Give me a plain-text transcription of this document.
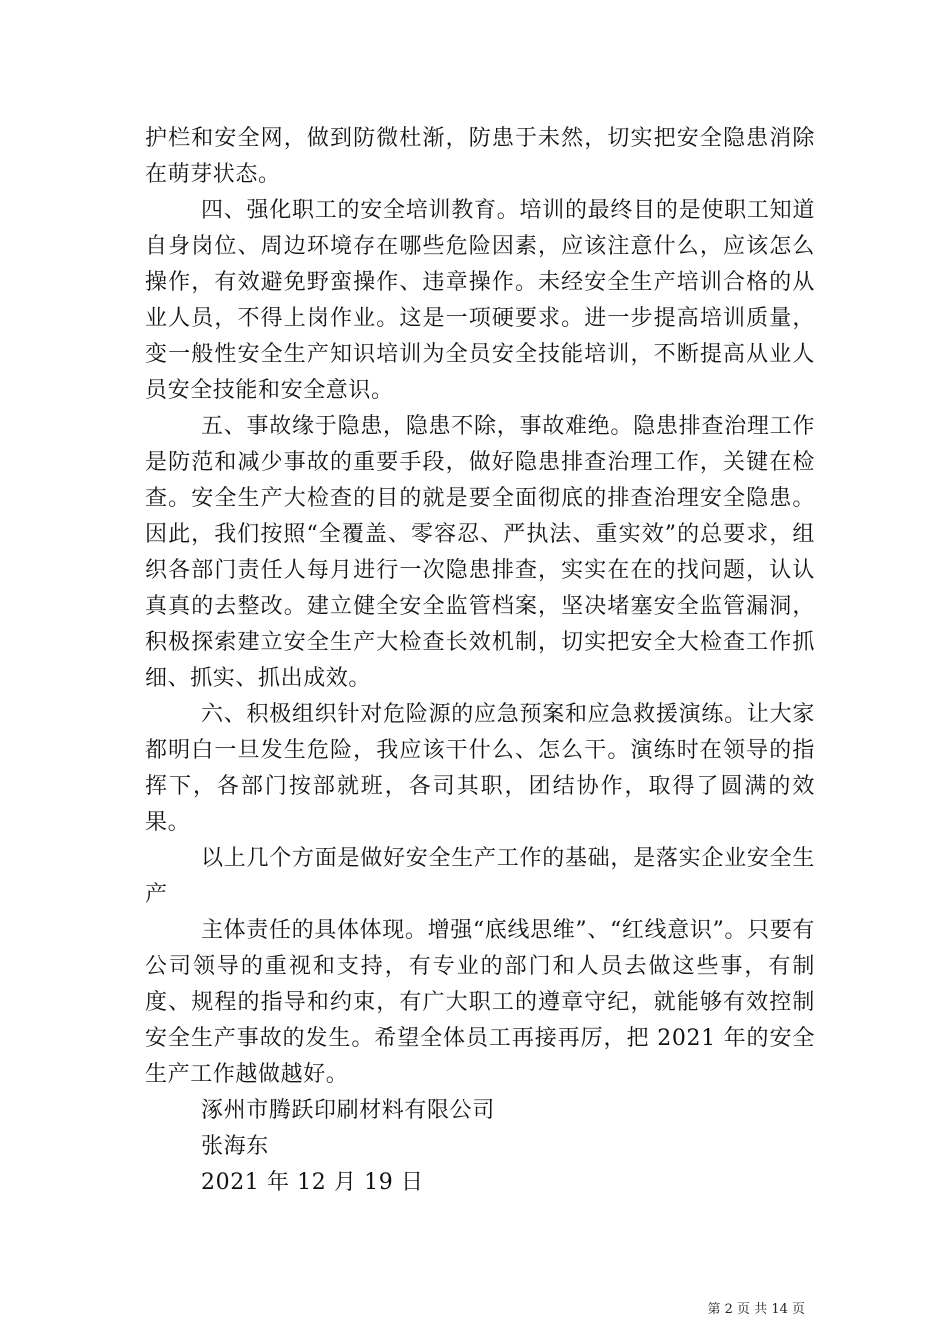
护栏和安全网，做到防微杜渐，防患于未然，切实把安全隐患消除在萌芽状态。

四、强化职工的安全培训教育。培训的最终目的是使职工知道自身岗位、周边环境存在哪些危险因素，应该注意什么，应该怎么操作，有效避免野蛮操作、违章操作。未经安全生产培训合格的从业人员，不得上岗作业。这是一项硬要求。进一步提高培训质量，变一般性安全生产知识培训为全员安全技能培训，不断提高从业人员安全技能和安全意识。

五、事故缘于隐患，隐患不除，事故难绝。隐患排查治理工作是防范和减少事故的重要手段，做好隐患排查治理工作，关键在检查。安全生产大检查的目的就是要全面彻底的排查治理安全隐患。因此，我们按照“全覆盖、零容忍、严执法、重实效”的总要求，组织各部门责任人每月进行一次隐患排查，实实在在的找问题，认认真真的去整改。建立健全安全监管档案，坚决堵塞安全监管漏洞，积极探索建立安全生产大检查长效机制，切实把安全大检查工作抓细、抓实、抓出成效。

六、积极组织针对危险源的应急预案和应急救援演练。让大家都明白一旦发生危险，我应该干什么、怎么干。演练时在领导的指挥下，各部门按部就班，各司其职，团结协作，取得了圆满的效果。

以上几个方面是做好安全生产工作的基础，是落实企业安全生产

主体责任的具体体现。增强“底线思维”、“红线意识”。只要有公司领导的重视和支持，有专业的部门和人员去做这些事，有制度、规程的指导和约束，有广大职工的遵章守纪，就能够有效控制安全生产事故的发生。希望全体员工再接再厉，把 2021 年的安全生产工作越做越好。

涿州市腾跃印刷材料有限公司

张海东

2021 年 12 月 19 日

第 2 页 共 14 页
